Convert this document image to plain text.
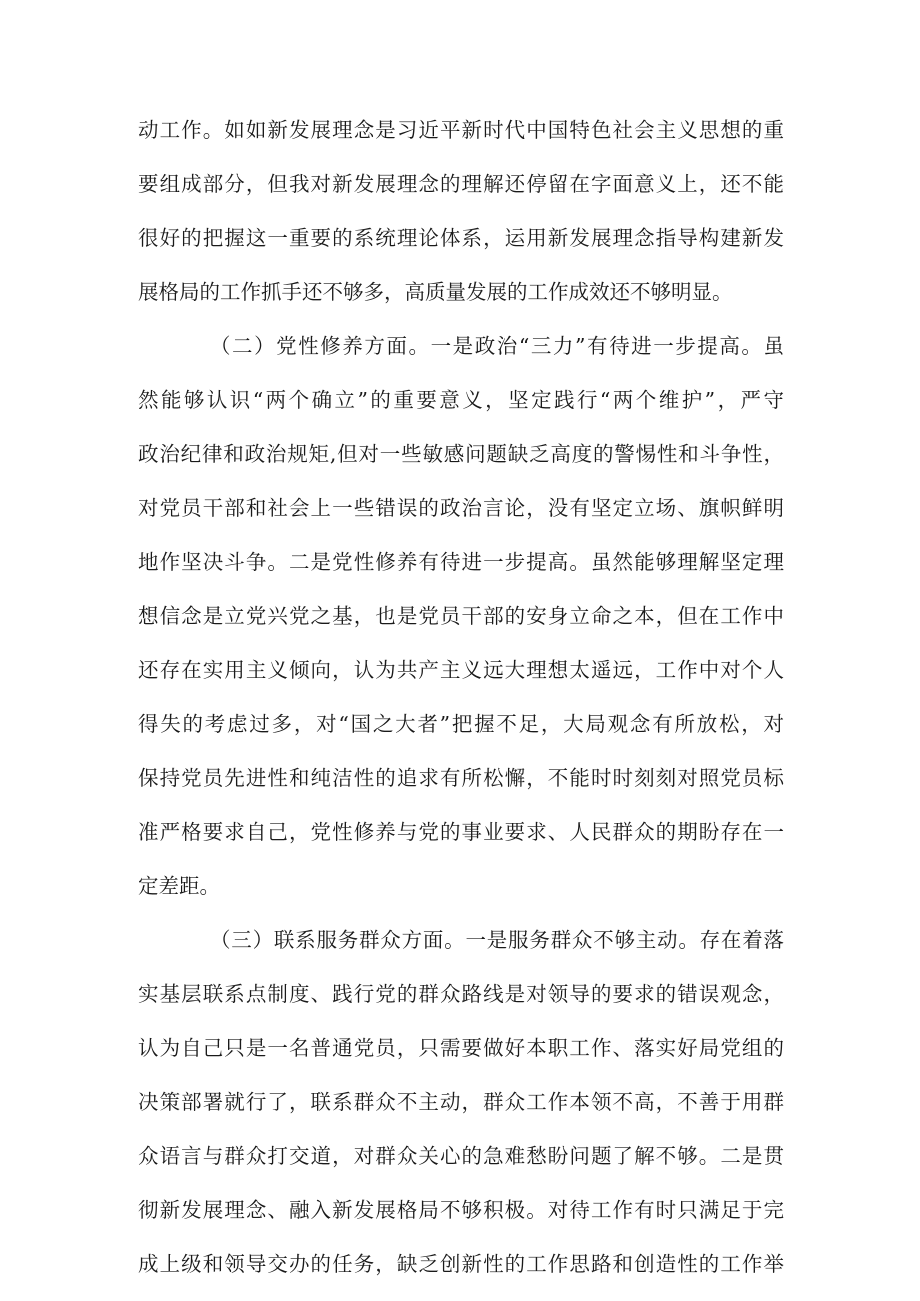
动工作。如如新发展理念是习近平新时代中国特色社会主义思想的重
要组成部分，但我对新发展理念的理解还停留在字面意义上，还不能
很好的把握这一重要的系统理论体系，运用新发展理念指导构建新发
展格局的工作抓手还不够多，高质量发展的工作成效还不够明显。
（二）党性修养方面。一是政治“三力”有待进一步提高。虽
然能够认识“两个确立”的重要意义，坚定践行“两个维护”，严守
政治纪律和政治规矩,但对一些敏感问题缺乏高度的警惕性和斗争性，
对党员干部和社会上一些错误的政治言论，没有坚定立场、旗帜鲜明
地作坚决斗争。二是党性修养有待进一步提高。虽然能够理解坚定理
想信念是立党兴党之基，也是党员干部的安身立命之本，但在工作中
还存在实用主义倾向，认为共产主义远大理想太遥远，工作中对个人
得失的考虑过多，对“国之大者”把握不足，大局观念有所放松，对
保持党员先进性和纯洁性的追求有所松懈，不能时时刻刻对照党员标
准严格要求自己，党性修养与党的事业要求、人民群众的期盼存在一
定差距。
（三）联系服务群众方面。一是服务群众不够主动。存在着落
实基层联系点制度、践行党的群众路线是对领导的要求的错误观念，
认为自己只是一名普通党员，只需要做好本职工作、落实好局党组的
决策部署就行了，联系群众不主动，群众工作本领不高，不善于用群
众语言与群众打交道，对群众关心的急难愁盼问题了解不够。二是贯
彻新发展理念、融入新发展格局不够积极。对待工作有时只满足于完
成上级和领导交办的任务，缺乏创新性的工作思路和创造性的工作举
